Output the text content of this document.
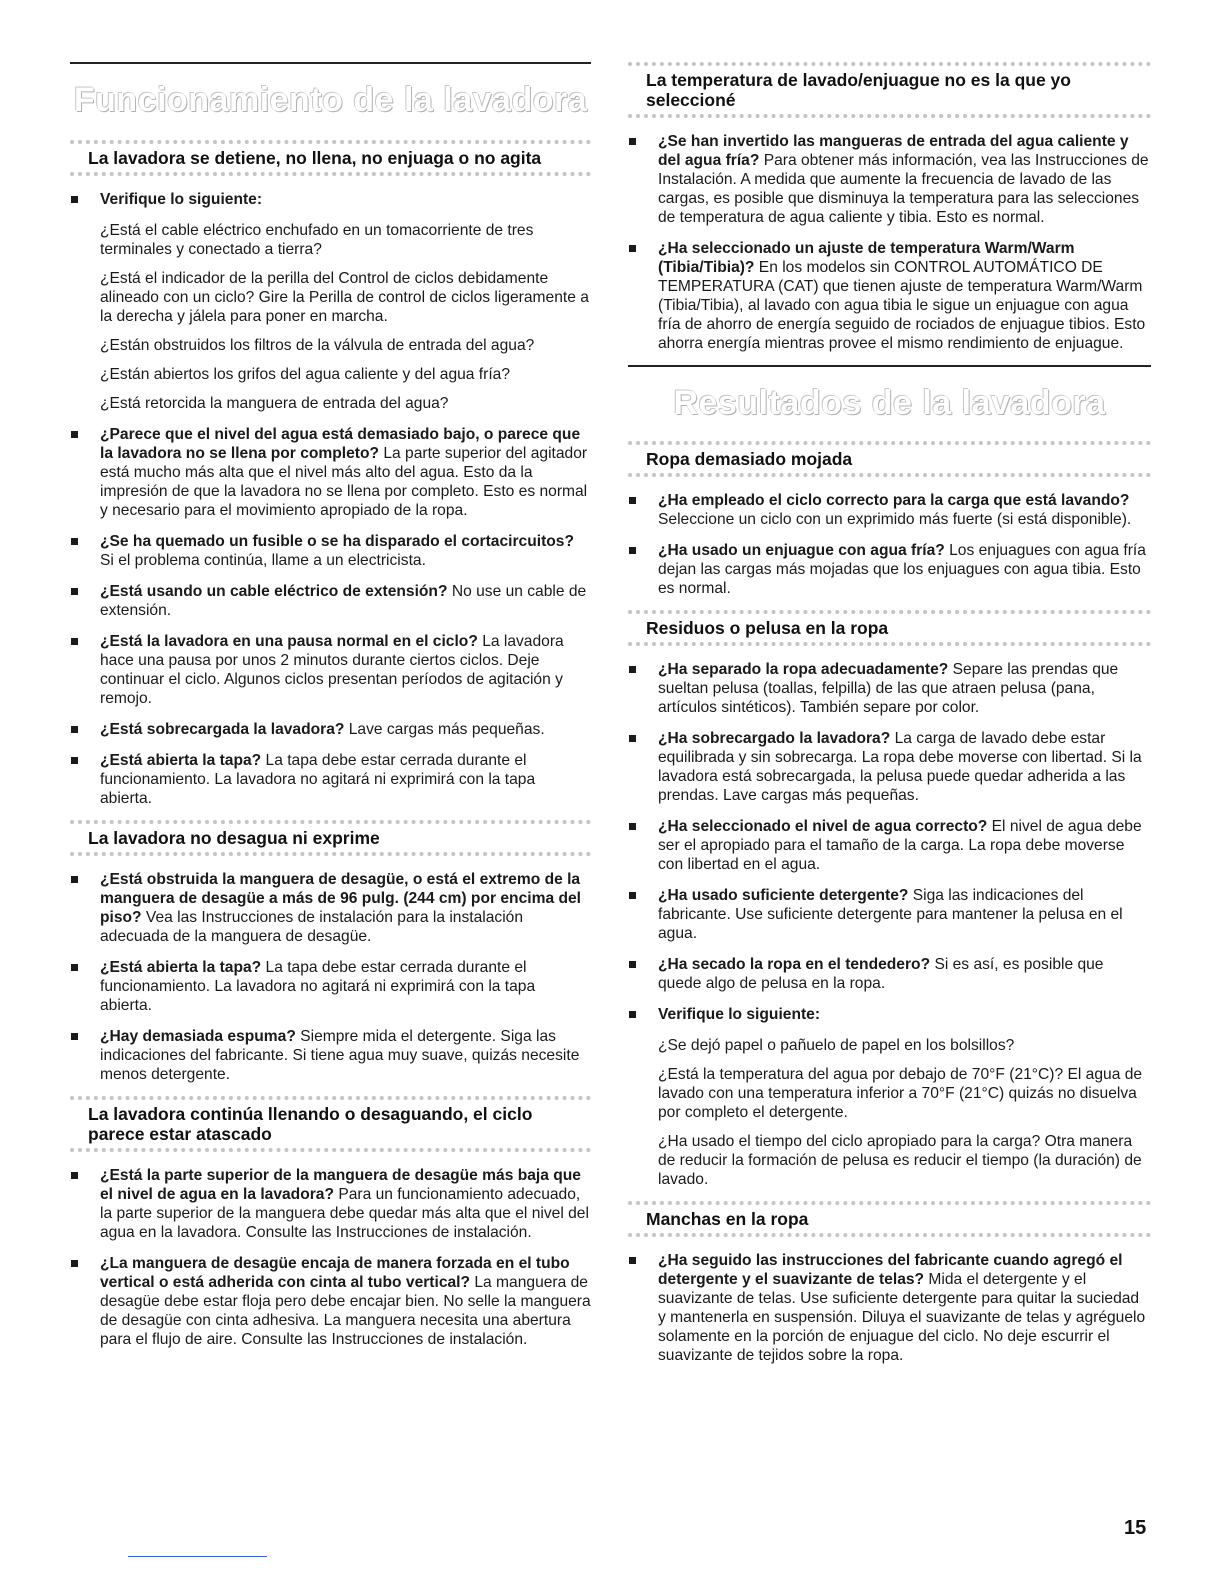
Funcionamiento de la lavadora
La lavadora se detiene, no llena, no enjuaga o no agita
Verifique lo siguiente:

¿Está el cable eléctrico enchufado en un tomacorriente de tres terminales y conectado a tierra?

¿Está el indicador de la perilla del Control de ciclos debidamente alineado con un ciclo? Gire la Perilla de control de ciclos ligeramente a la derecha y jálela para poner en marcha.

¿Están obstruidos los filtros de la válvula de entrada del agua?

¿Están abiertos los grifos del agua caliente y del agua fría?

¿Está retorcida la manguera de entrada del agua?

¿Parece que el nivel del agua está demasiado bajo, o parece que la lavadora no se llena por completo? La parte superior del agitador está mucho más alta que el nivel más alto del agua. Esto da la impresión de que la lavadora no se llena por completo. Esto es normal y necesario para el movimiento apropiado de la ropa.
¿Se ha quemado un fusible o se ha disparado el cortacircuitos? Si el problema continúa, llame a un electricista.
¿Está usando un cable eléctrico de extensión? No use un cable de extensión.
¿Está la lavadora en una pausa normal en el ciclo? La lavadora hace una pausa por unos 2 minutos durante ciertos ciclos. Deje continuar el ciclo. Algunos ciclos presentan períodos de agitación y remojo.
¿Está sobrecargada la lavadora? Lave cargas más pequeñas.
¿Está abierta la tapa? La tapa debe estar cerrada durante el funcionamiento. La lavadora no agitará ni exprimirá con la tapa abierta.
La lavadora no desagua ni exprime
¿Está obstruida la manguera de desagüe, o está el extremo de la manguera de desagüe a más de 96 pulg. (244 cm) por encima del piso? Vea las Instrucciones de instalación para la instalación adecuada de la manguera de desagüe.
¿Está abierta la tapa? La tapa debe estar cerrada durante el funcionamiento. La lavadora no agitará ni exprimirá con la tapa abierta.
¿Hay demasiada espuma? Siempre mida el detergente. Siga las indicaciones del fabricante. Si tiene agua muy suave, quizás necesite menos detergente.
La lavadora continúa llenando o desaguando, el ciclo parece estar atascado
¿Está la parte superior de la manguera de desagüe más baja que el nivel de agua en la lavadora? Para un funcionamiento adecuado, la parte superior de la manguera debe quedar más alta que el nivel del agua en la lavadora. Consulte las Instrucciones de instalación.
¿La manguera de desagüe encaja de manera forzada en el tubo vertical o está adherida con cinta al tubo vertical? La manguera de desagüe debe estar floja pero debe encajar bien. No selle la manguera de desagüe con cinta adhesiva. La manguera necesita una abertura para el flujo de aire. Consulte las Instrucciones de instalación.
La temperatura de lavado/enjuague no es la que yo seleccioné
¿Se han invertido las mangueras de entrada del agua caliente y del agua fría? Para obtener más información, vea las Instrucciones de Instalación. A medida que aumente la frecuencia de lavado de las cargas, es posible que disminuya la temperatura para las selecciones de temperatura de agua caliente y tibia. Esto es normal.
¿Ha seleccionado un ajuste de temperatura Warm/Warm (Tibia/Tibia)? En los modelos sin CONTROL AUTOMÁTICO DE TEMPERATURA (CAT) que tienen ajuste de temperatura Warm/Warm (Tibia/Tibia), al lavado con agua tibia le sigue un enjuague con agua fría de ahorro de energía seguido de rociados de enjuague tibios. Esto ahorra energía mientras provee el mismo rendimiento de enjuague.
Resultados de la lavadora
Ropa demasiado mojada
¿Ha empleado el ciclo correcto para la carga que está lavando? Seleccione un ciclo con un exprimido más fuerte (si está disponible).
¿Ha usado un enjuague con agua fría? Los enjuagues con agua fría dejan las cargas más mojadas que los enjuagues con agua tibia. Esto es normal.
Residuos o pelusa en la ropa
¿Ha separado la ropa adecuadamente? Separe las prendas que sueltan pelusa (toallas, felpilla) de las que atraen pelusa (pana, artículos sintéticos). También separe por color.
¿Ha sobrecargado la lavadora? La carga de lavado debe estar equilibrada y sin sobrecarga. La ropa debe moverse con libertad. Si la lavadora está sobrecargada, la pelusa puede quedar adherida a las prendas. Lave cargas más pequeñas.
¿Ha seleccionado el nivel de agua correcto? El nivel de agua debe ser el apropiado para el tamaño de la carga. La ropa debe moverse con libertad en el agua.
¿Ha usado suficiente detergente? Siga las indicaciones del fabricante. Use suficiente detergente para mantener la pelusa en el agua.
¿Ha secado la ropa en el tendedero? Si es así, es posible que quede algo de pelusa en la ropa.
Verifique lo siguiente:

¿Se dejó papel o pañuelo de papel en los bolsillos?

¿Está la temperatura del agua por debajo de 70°F (21°C)? El agua de lavado con una temperatura inferior a 70°F (21°C) quizás no disuelva por completo el detergente.

¿Ha usado el tiempo del ciclo apropiado para la carga? Otra manera de reducir la formación de pelusa es reducir el tiempo (la duración) de lavado.

Manchas en la ropa
¿Ha seguido las instrucciones del fabricante cuando agregó el detergente y el suavizante de telas? Mida el detergente y el suavizante de telas. Use suficiente detergente para quitar la suciedad y mantenerla en suspensión. Diluya el suavizante de telas y agréguelo solamente en la porción de enjuague del ciclo. No deje escurrir el suavizante de tejidos sobre la ropa.
15
